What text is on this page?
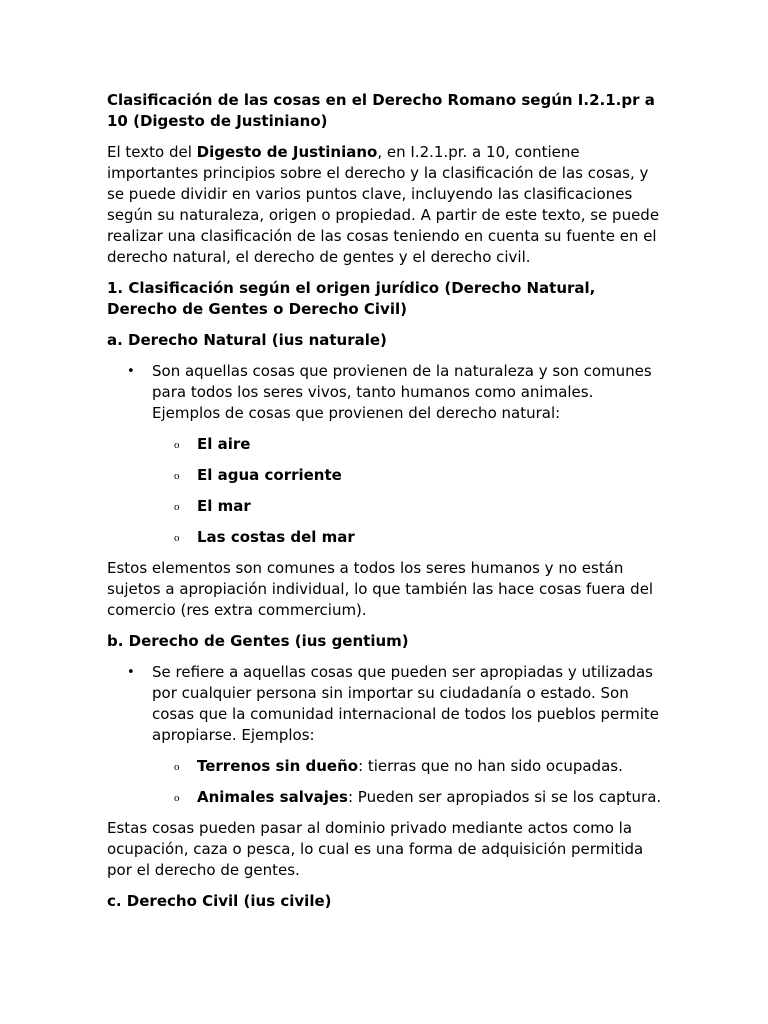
Clasificación de las cosas en el Derecho Romano según I.2.1.pr a 10 (Digesto de Justiniano)

El texto del Digesto de Justiniano, en I.2.1.pr. a 10, contiene importantes principios sobre el derecho y la clasificación de las cosas, y se puede dividir en varios puntos clave, incluyendo las clasificaciones según su naturaleza, origen o propiedad. A partir de este texto, se puede realizar una clasificación de las cosas teniendo en cuenta su fuente en el derecho natural, el derecho de gentes y el derecho civil.

1. Clasificación según el origen jurídico (Derecho Natural, Derecho de Gentes o Derecho Civil)
a. Derecho Natural (ius naturale)
• Son aquellas cosas que provienen de la naturaleza y son comunes para todos los seres vivos, tanto humanos como animales. Ejemplos de cosas que provienen del derecho natural:
o El aire
o El agua corriente
o El mar
o Las costas del mar

Estos elementos son comunes a todos los seres humanos y no están sujetos a apropiación individual, lo que también las hace cosas fuera del comercio (res extra commercium).

b. Derecho de Gentes (ius gentium)
• Se refiere a aquellas cosas que pueden ser apropiadas y utilizadas por cualquier persona sin importar su ciudadanía o estado. Son cosas que la comunidad internacional de todos los pueblos permite apropiarse. Ejemplos:
o Terrenos sin dueño: tierras que no han sido ocupadas.
o Animales salvajes: Pueden ser apropiados si se los captura.

Estas cosas pueden pasar al dominio privado mediante actos como la ocupación, caza o pesca, lo cual es una forma de adquisición permitida por el derecho de gentes.

c. Derecho Civil (ius civile)
